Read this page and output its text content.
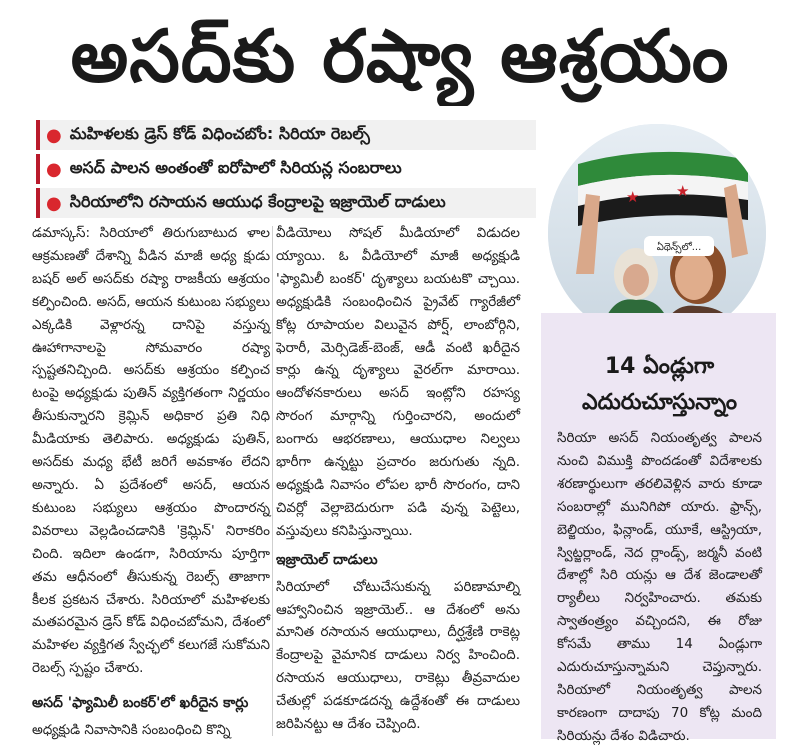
అసద్‌కు రష్యా ఆశ్రయం
● మహిళలకు డ్రెస్ కోడ్ విధించబోం: సిరియా రెబల్స్
● అసద్ పాలన అంతంతో ఐరోపాలో సిరియన్ల సంబరాలు
● సిరియాలోని రసాయన ఆయుధ కేంద్రాలపై ఇజ్రాయెల్ దాడులు	★ ★
ఏథెన్స్‌లో...

డమాస్కస్: సిరియాలో తిరుగుబాటుద ళాల ఆక్రమణతో దేశాన్ని వీడిన మాజీ అధ్య క్షుడు బషర్ అల్ అసద్‌కు రష్యా రాజకీయ ఆశ్రయం కల్పించింది. అసద్, ఆయన కుటుంబ సభ్యులు ఎక్కడికి వెళ్లారన్న దానిపై వస్తున్న ఊహాగానాలపై సోమవారం రష్యా స్పష్టతనిచ్చింది. అసద్‌కు ఆశ్రయం కల్పించ టంపై అధ్యక్షుడు పుతిన్ వ్యక్తిగతంగా నిర్ణయం తీసుకున్నారని క్రెమ్లిన్ అధికార ప్రతి నిధి మీడియాకు తెలిపారు. అధ్యక్షుడు పుతిన్, అసద్‌కు మధ్య భేటీ జరిగే అవకాశం లేదని అన్నారు. ఏ ప్రదేశంలో అసద్, ఆయన కుటుంబ సభ్యులు ఆశ్రయం పొందారన్న వివరాలు వెల్లడించడానికి 'క్రెమ్లిన్' నిరాకరిం చింది. ఇదిలా ఉండగా, సిరియాను పూర్తిగా తమ ఆధీనంలో తీసుకున్న రెబల్స్ తాజాగా కీలక ప్రకటన చేశారు. సిరియాలో మహిళలకు మతపరమైన డ్రెస్ కోడ్ విధించబోమని, దేశంలో మహిళల వ్యక్తిగత స్వేచ్ఛలో కలుగజే సుకోమని రెబల్స్ స్పష్టం చేశారు.

అసద్ 'ఫ్యామిలీ బంకర్'లో ఖరీదైన కార్లు

అధ్యక్షుడి నివాసానికి సంబంధించి కొన్ని

వీడియోలు సోషల్ మీడియాలో విడుదల య్యాయి. ఓ వీడియోలో మాజీ అధ్యక్షుడి 'ఫ్యామిలీ బంకర్' దృశ్యాలు బయటకొ చ్చాయి. అధ్యక్షుడికి సంబంధించిన ప్రైవేట్ గ్యారేజీలో కోట్ల రూపాయల విలువైన పోర్ష్, లాంబోర్గిని, ఫెరారీ, మెర్సిడెజ్-బెంజ్, ఆడీ వంటి ఖరీదైన కార్లు ఉన్న దృశ్యాలు వైరల్‌గా మారాయి. ఆందోళనకారులు అసద్ ఇంట్లోని రహస్య సొరంగ మార్గాన్ని గుర్తించారని, అందులో బంగారు ఆభరణాలు, ఆయుధాల నిల్వలు భారీగా ఉన్నట్టు ప్రచారం జరుగుతు న్నది. అధ్యక్షుడి నివాసం లోపల భారీ సొరంగం, దాని చివర్లో వెల్లాబెదురుగా పడి వున్న పెట్టెలు, వస్తువులు కనిపిస్తున్నాయి.

ఇజ్రాయెల్ దాడులు

సిరియాలో చోటుచేసుకున్న పరిణామాల్ని ఆహ్వానించిన ఇజ్రాయెల్.. ఆ దేశంలో అను మానిత రసాయన ఆయుధాలు, దీర్ఘశ్రేణి రాకెట్ల కేంద్రాలపై వైమానిక దాడులు నిర్వ హించింది. రసాయన ఆయుధాలు, రాకెట్లు తీవ్రవాదుల చేతుల్లో పడకూడదన్న ఉద్దేశంతో ఈ దాడులు జరిపినట్టు ఆ దేశం చెప్పింది.

14 ఏండ్లుగా ఎదురుచూస్తున్నాం
సిరియా అసద్ నియంతృత్వ పాలన నుంచి విముక్తి పొందడంతో విదేశాలకు శరణార్థులుగా తరలివెళ్లిన వారు కూడా సంబరాల్లో మునిగిపో యారు. ఫ్రాన్స్, బెల్జియం, ఫిన్లాండ్, యూకే, ఆస్ట్రియా, స్విట్జర్లాండ్, నెద ర్లాండ్స్, జర్మనీ వంటి దేశాల్లో సిరి యన్లు ఆ దేశ జెండాలతో ర్యాలీలు నిర్వహించారు. తమకు స్వాతంత్ర్యం వచ్చిందని, ఈ రోజు కోసమే తాము 14 ఏండ్లుగా ఎదురుచూస్తున్నామని చెప్తున్నారు. సిరియాలో నియంతృత్వ పాలన కారణంగా దాదాపు 70 కోట్ల మంది సిరియన్లు దేశం విడిచారు.
